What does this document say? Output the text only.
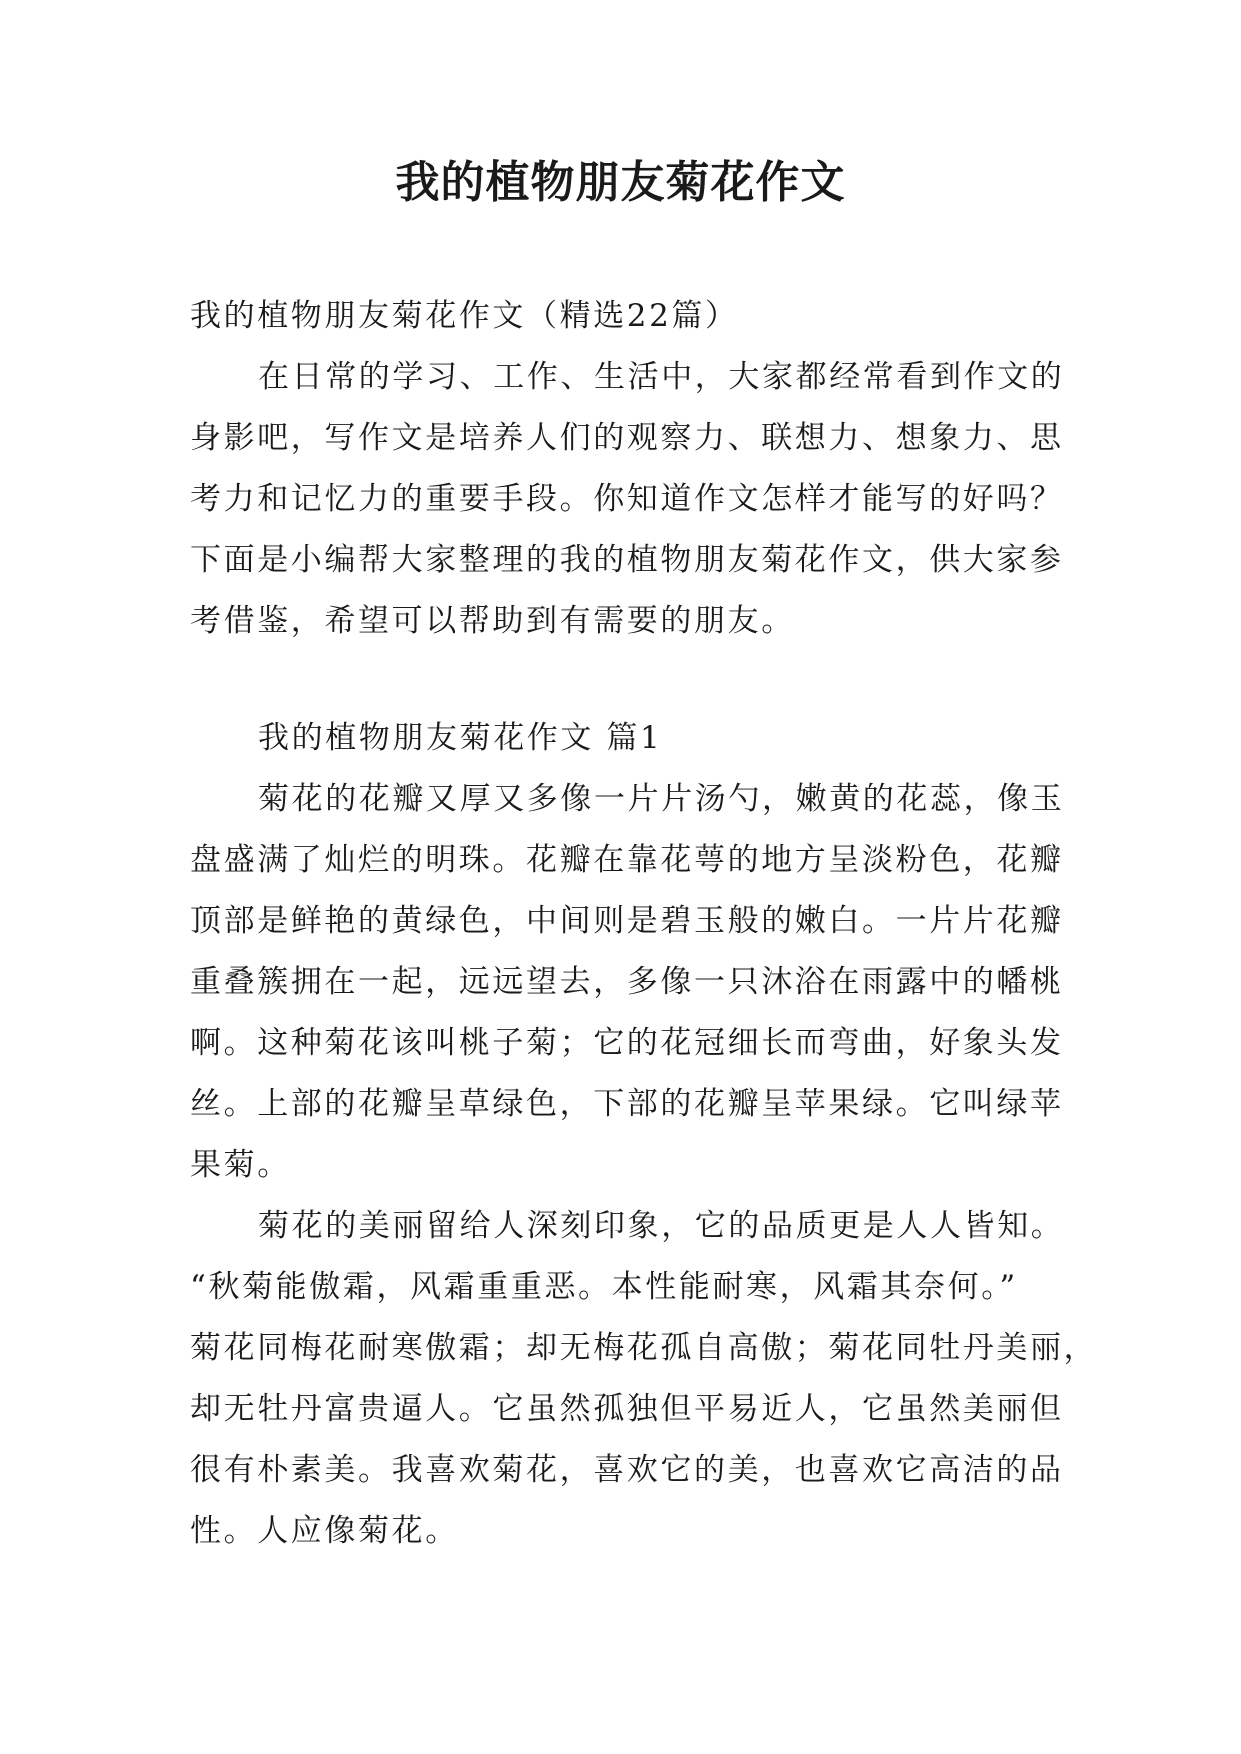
我的植物朋友菊花作文
我的植物朋友菊花作文（精选22篇）
在日常的学习、工作、生活中，大家都经常看到作文的
身影吧，写作文是培养人们的观察力、联想力、想象力、思
考力和记忆力的重要手段。你知道作文怎样才能写的好吗？
下面是小编帮大家整理的我的植物朋友菊花作文，供大家参
考借鉴，希望可以帮助到有需要的朋友。
我的植物朋友菊花作文 篇1
菊花的花瓣又厚又多像一片片汤勺，嫩黄的花蕊，像玉
盘盛满了灿烂的明珠。花瓣在靠花萼的地方呈淡粉色，花瓣
顶部是鲜艳的黄绿色，中间则是碧玉般的嫩白。一片片花瓣
重叠簇拥在一起，远远望去，多像一只沐浴在雨露中的幡桃
啊。这种菊花该叫桃子菊；它的花冠细长而弯曲，好象头发
丝。上部的花瓣呈草绿色，下部的花瓣呈苹果绿。它叫绿苹
果菊。
菊花的美丽留给人深刻印象，它的品质更是人人皆知。
“秋菊能傲霜，风霜重重恶。本性能耐寒，风霜其奈何。”
菊花同梅花耐寒傲霜；却无梅花孤自高傲；菊花同牡丹美丽，
却无牡丹富贵逼人。它虽然孤独但平易近人，它虽然美丽但
很有朴素美。我喜欢菊花，喜欢它的美，也喜欢它高洁的品
性。人应像菊花。
